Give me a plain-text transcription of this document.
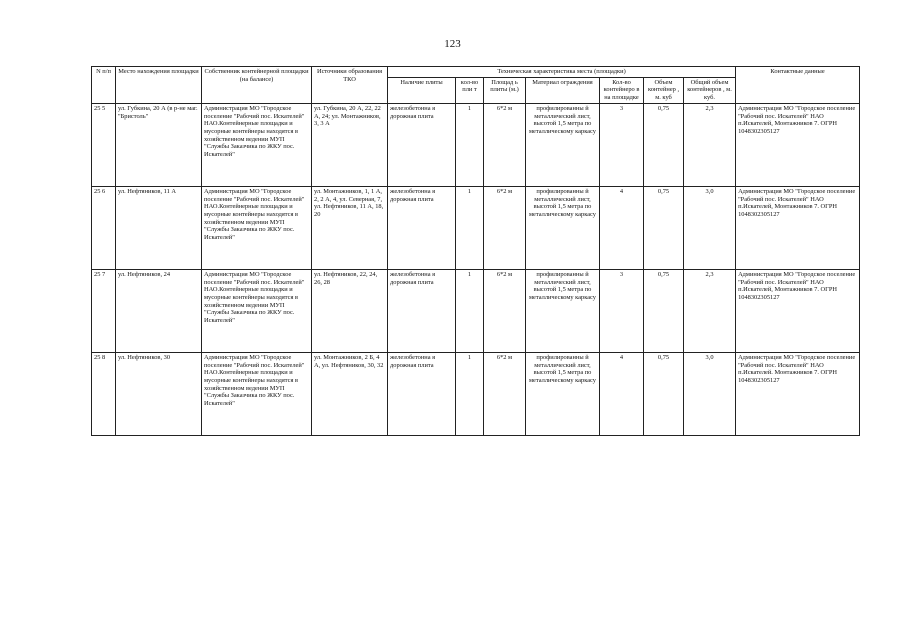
123
N п/п	Место нахождения площадки	Собственник контейнерной площадки (на балансе)	Источники образования ТКО	Техническая характеристика места (площадки)							Контактные данные
				Наличие плиты	кол-во пли т	Площад ь плиты (м.)	Материал ограждения	Кол-во контейнеро в на площадке	Объем контейнер , м. куб	Общий объем контейнеров , м. куб.	
25 5	ул. Губкина, 20 А (в р-не маг. "Бристоль"	Администрация МО "Городское поселение "Рабочий пос. Искателей" НАО.Контейнерные площадки и мусорные контейнеры находятся в хозяйственном ведении МУП "Службы Заказчика по ЖКУ пос. Искателей"	ул. Губкина, 20 А, 22, 22 А, 24; ул. Монтажников, 3, 3 А	железобетонна я дорожная плита	1	6*2 м	профилированны й металлический лист, высотой 1,5 метра по металлическому каркасу	3	0,75	2,3	Администрация МО "Городское поселение "Рабочий пос. Искателей" НАО п.Искателей, Монтажников 7. ОГРН 1048302305127
25 6	ул. Нефтяников, 11 А	Администрация МО "Городское поселение "Рабочий пос. Искателей" НАО.Контейнерные площадки и мусорные контейнеры находятся в хозяйственном ведении МУП "Службы Заказчика по ЖКУ пос. Искателей"	ул. Монтажников, 1, 1 А, 2, 2 А, 4, ул. Северная, 7, ул. Нефтяников, 11 А, 18, 20	железобетонна я дорожная плита	1	6*2 м	профилированны й металлический лист, высотой 1,5 метра по металлическому каркасу	4	0,75	3,0	Администрация МО "Городское поселение "Рабочий пос. Искателей" НАО п.Искателей, Монтажников 7. ОГРН 1048302305127
25 7	ул. Нефтяников, 24	Администрация МО "Городское поселение "Рабочий пос. Искателей" НАО.Контейнерные площадки и мусорные контейнеры находятся в хозяйственном ведении МУП "Службы Заказчика по ЖКУ пос. Искателей"	ул. Нефтяников, 22, 24, 26, 28	железобетонна я дорожная плита	1	6*2 м	профилированны й металлический лист, высотой 1,5 метра по металлическому каркасу	3	0,75	2,3	Администрация МО "Городское поселение "Рабочий пос. Искателей" НАО п.Искателей, Монтажников 7. ОГРН 1048302305127
25 8	ул. Нефтяников, 30	Администрация МО "Городское поселение "Рабочий пос. Искателей" НАО.Контейнерные площадки и мусорные контейнеры находятся в хозяйственном ведении МУП "Службы Заказчика по ЖКУ пос. Искателей"	ул. Монтажников, 2 Б, 4 А, ул. Нефтяников, 30, 32	железобетонна я дорожная плита	1	6*2 м	профилированны й металлический лист, высотой 1,5 метра по металлическому каркасу	4	0,75	3,0	Администрация МО "Городское поселение "Рабочий пос. Искателей" НАО п.Искателей. Монтажников 7. ОГРН 1048302305127
